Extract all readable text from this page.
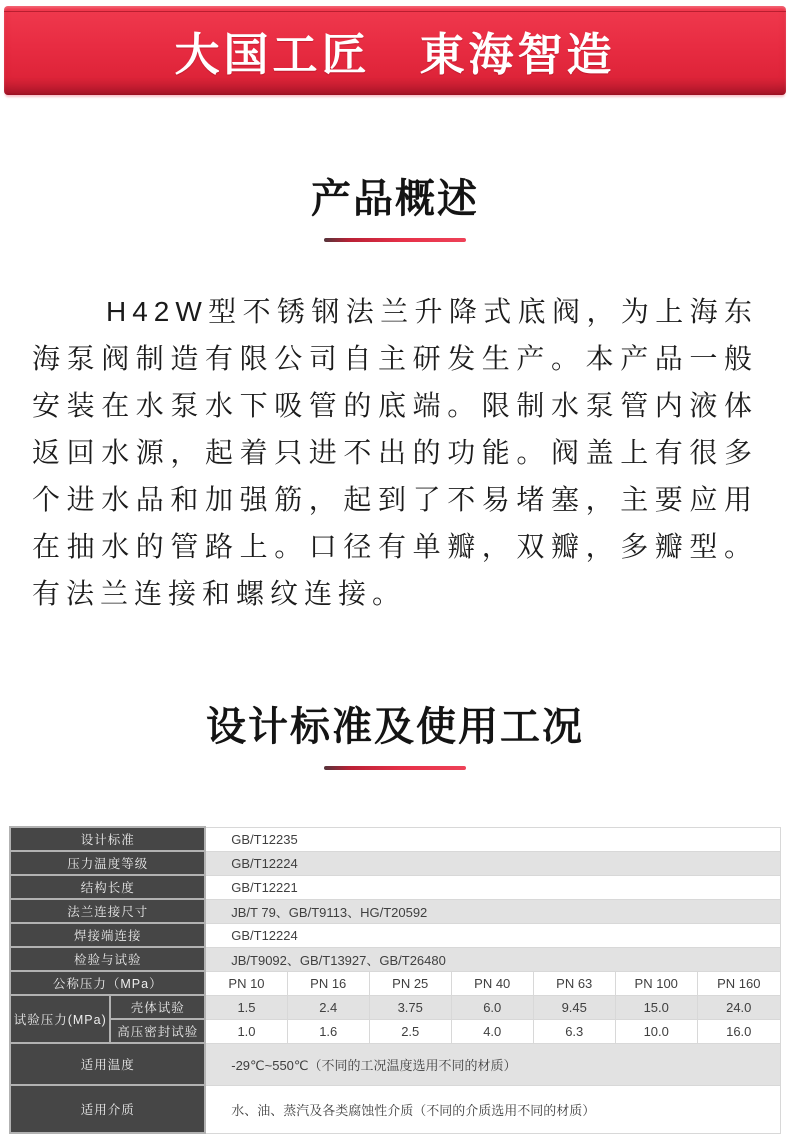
大国工匠　東海智造
产品概述

H42W型不锈钢法兰升降式底阀，为上海东海泵阀制造有限公司自主研发生产。本产品一般安装在水泵水下吸管的底端。限制水泵管内液体返回水源，起着只进不出的功能。阀盖上有很多个进水品和加强筋，起到了不易堵塞，主要应用在抽水的管路上。口径有单瓣，双瓣，多瓣型。有法兰连接和螺纹连接。

设计标准及使用工况
设计标准		GB/T12235						
压力温度等级		GB/T12224						
结构长度		GB/T12221						
法兰连接尺寸		JB/T 79、GB/T9113、HG/T20592						
焊接端连接		GB/T12224						
检验与试验		JB/T9092、GB/T13927、GB/T26480						
公称压力（MPa）		PN 10	PN 16	PN 25	PN 40	PN 63	PN 100	PN 160
试验压力(MPa)	壳体试验	1.5	2.4	3.75	6.0	9.45	15.0	24.0
	高压密封试验	1.0	1.6	2.5	4.0	6.3	10.0	16.0
适用温度		-29℃~550℃（不同的工况温度选用不同的材质）						
适用介质		水、油、蒸汽及各类腐蚀性介质（不同的介质选用不同的材质）						
